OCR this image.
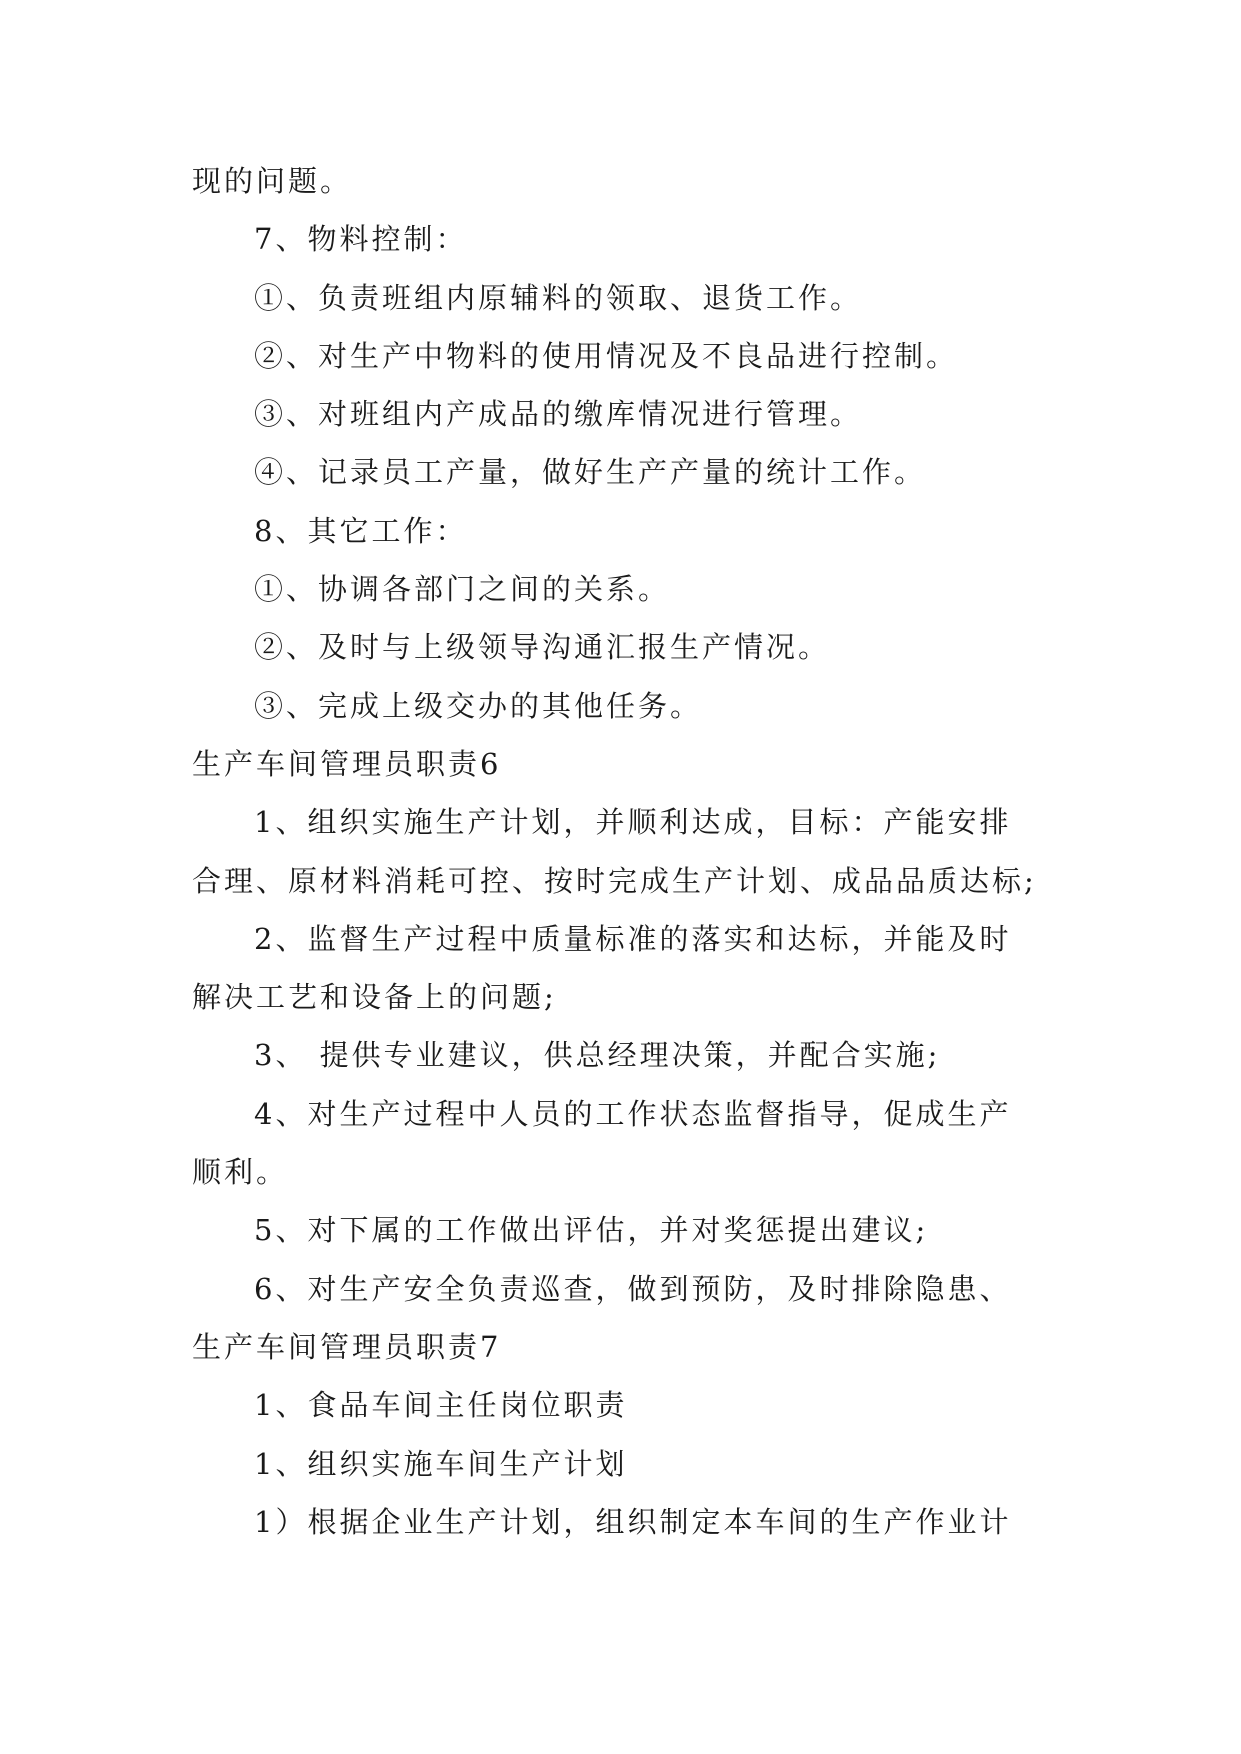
现的问题。
7、物料控制：
①、负责班组内原辅料的领取、退货工作。
②、对生产中物料的使用情况及不良品进行控制。
③、对班组内产成品的缴库情况进行管理。
④、记录员工产量，做好生产产量的统计工作。
8、其它工作：
①、协调各部门之间的关系。
②、及时与上级领导沟通汇报生产情况。
③、完成上级交办的其他任务。
生产车间管理员职责6
1、组织实施生产计划，并顺利达成，目标：产能安排
合理、原材料消耗可控、按时完成生产计划、成品品质达标;
2、监督生产过程中质量标准的落实和达标，并能及时
解决工艺和设备上的问题;
3、 提供专业建议，供总经理决策，并配合实施;
4、对生产过程中人员的工作状态监督指导，促成生产
顺利。
5、对下属的工作做出评估，并对奖惩提出建议;
6、对生产安全负责巡查，做到预防，及时排除隐患、
生产车间管理员职责7
1、食品车间主任岗位职责
1、组织实施车间生产计划
1）根据企业生产计划，组织制定本车间的生产作业计
